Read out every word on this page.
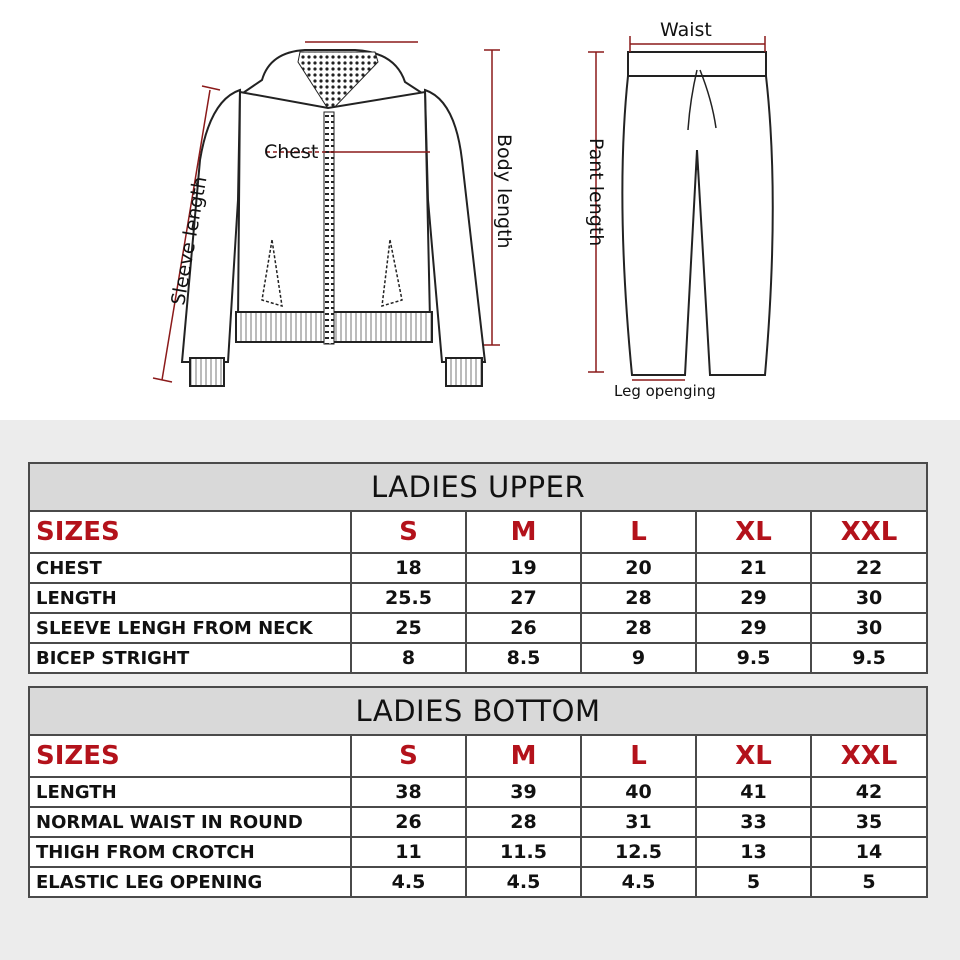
Chest
Sleeve length	Body length
Waist
Pant length
Leg openging
LADIES UPPER					
SIZES	S	M	L	XL	XXL
CHEST	18	19	20	21	22
LENGTH	25.5	27	28	29	30
SLEEVE LENGH FROM NECK	25	26	28	29	30
BICEP STRIGHT	8	8.5	9	9.5	9.5
LADIES BOTTOM					
SIZES	S	M	L	XL	XXL
LENGTH	38	39	40	41	42
NORMAL WAIST IN ROUND	26	28	31	33	35
THIGH FROM CROTCH	11	11.5	12.5	13	14
ELASTIC LEG OPENING	4.5	4.5	4.5	5	5
